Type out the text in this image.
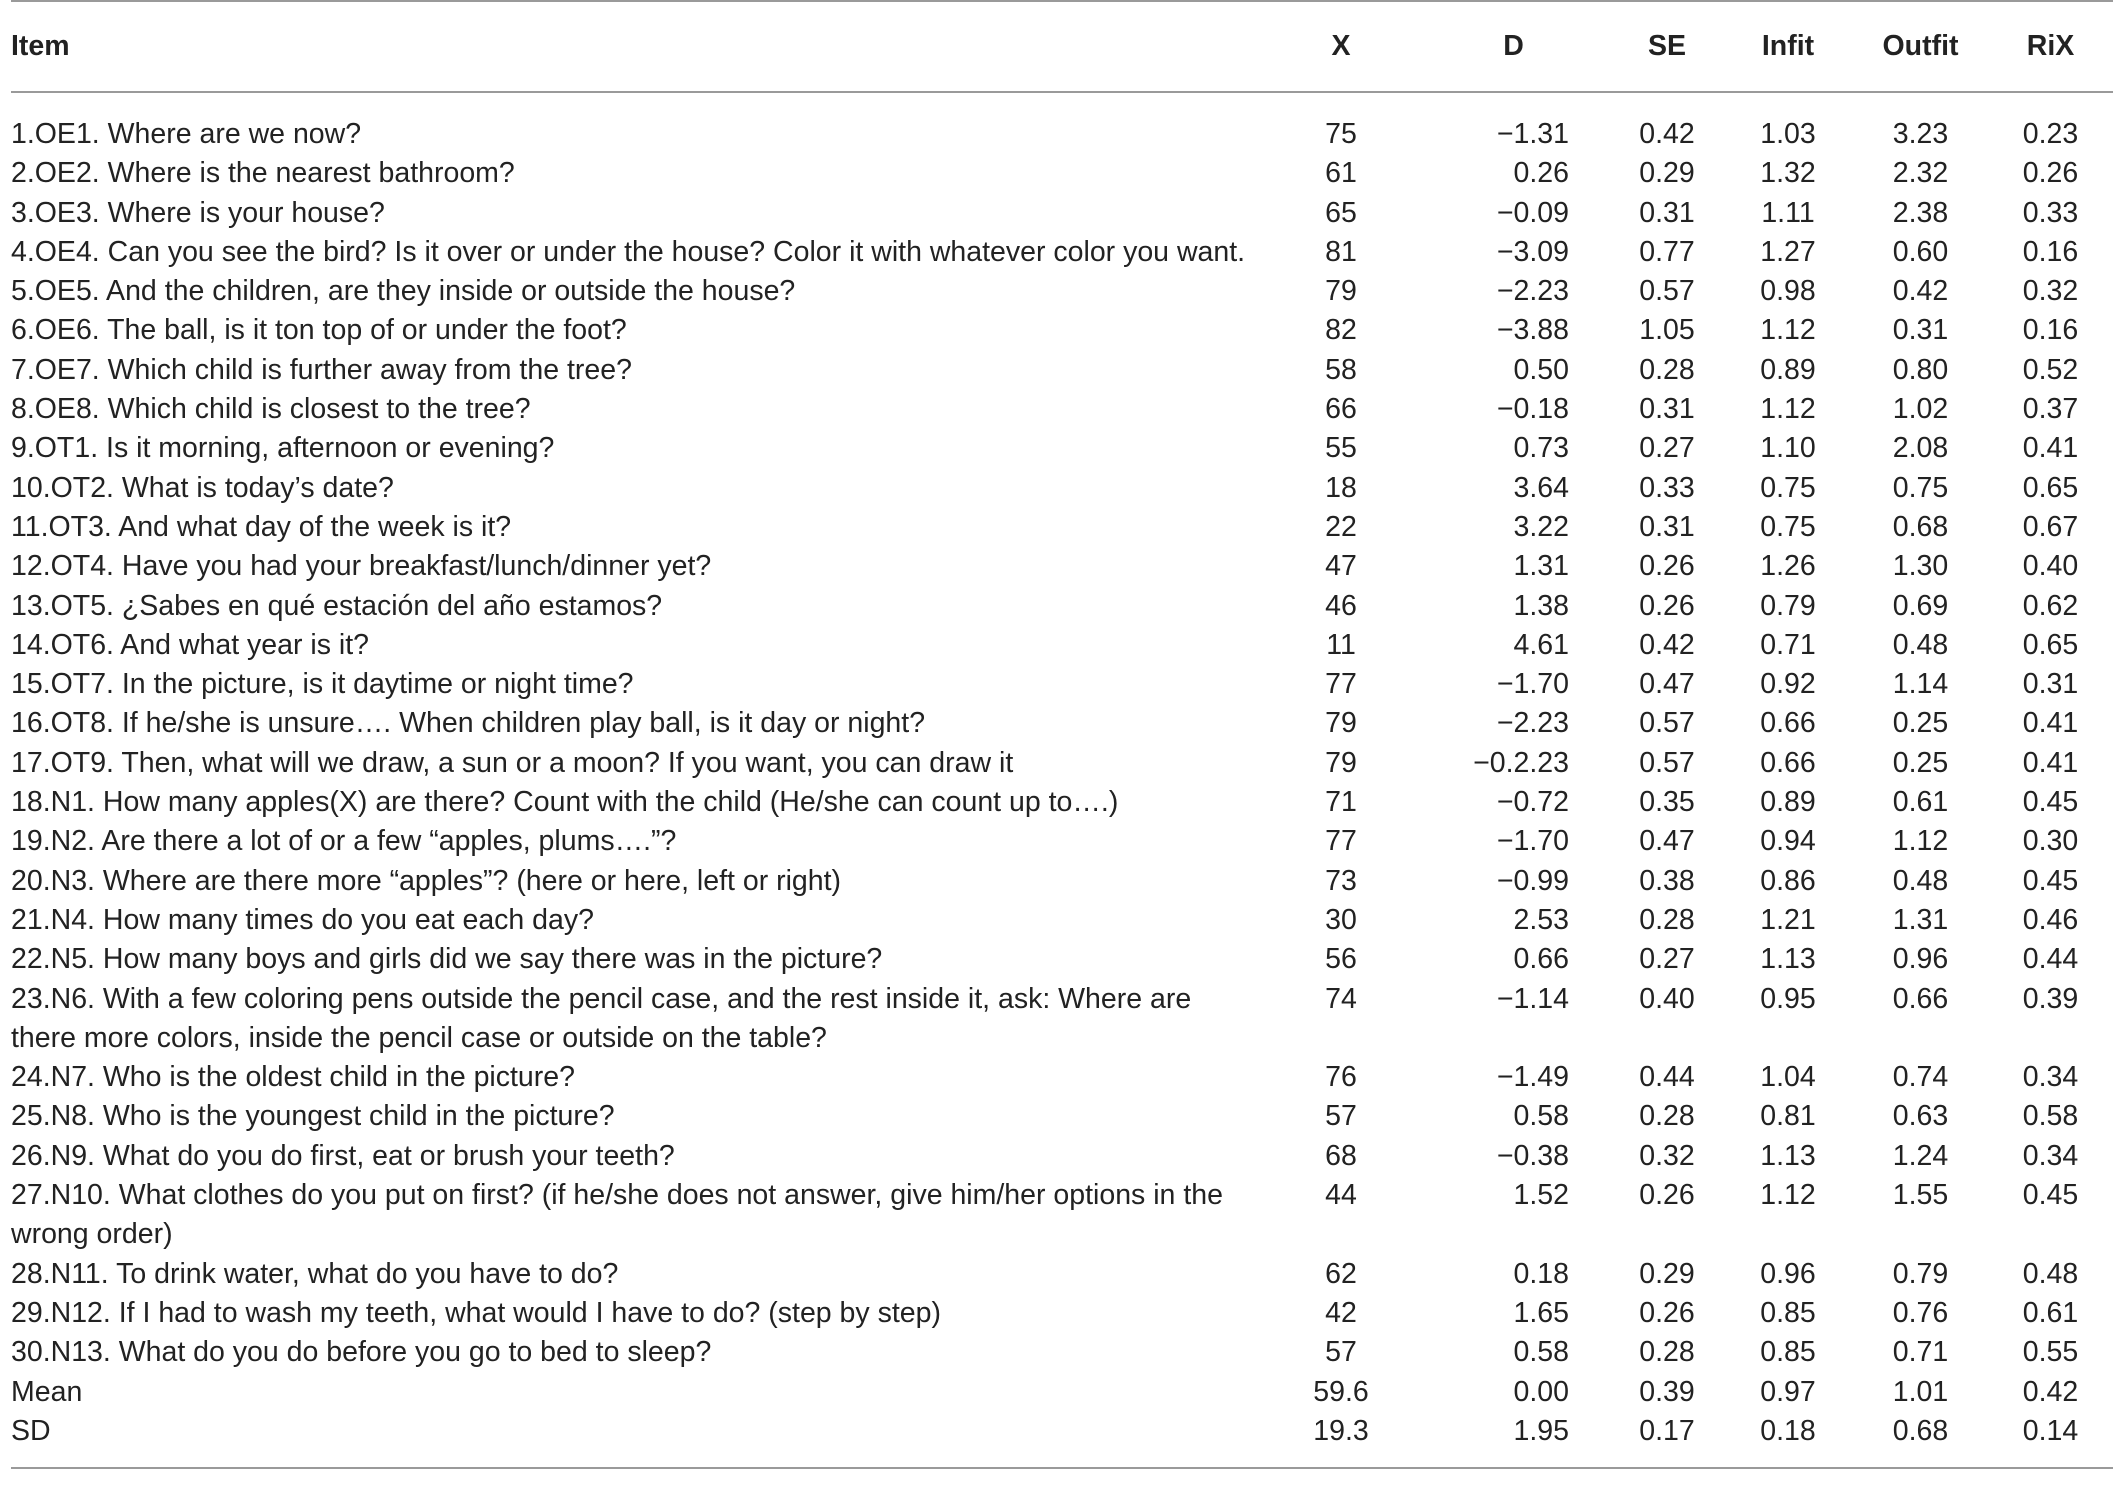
Item	X	D	SE	Infit	Outfit	RiX
1.OE1. Where are we now?	75	−1.31	0.42	1.03	3.23	0.23
2.OE2. Where is the nearest bathroom?	61	0.26	0.29	1.32	2.32	0.26
3.OE3. Where is your house?	65	−0.09	0.31	1.11	2.38	0.33
4.OE4. Can you see the bird? Is it over or under the house? Color it with whatever color you want.	81	−3.09	0.77	1.27	0.60	0.16
5.OE5. And the children, are they inside or outside the house?	79	−2.23	0.57	0.98	0.42	0.32
6.OE6. The ball, is it ton top of or under the foot?	82	−3.88	1.05	1.12	0.31	0.16
7.OE7. Which child is further away from the tree?	58	0.50	0.28	0.89	0.80	0.52
8.OE8. Which child is closest to the tree?	66	−0.18	0.31	1.12	1.02	0.37
9.OT1. Is it morning, afternoon or evening?	55	0.73	0.27	1.10	2.08	0.41
10.OT2. What is today’s date?	18	3.64	0.33	0.75	0.75	0.65
11.OT3. And what day of the week is it?	22	3.22	0.31	0.75	0.68	0.67
12.OT4. Have you had your breakfast/lunch/dinner yet?	47	1.31	0.26	1.26	1.30	0.40
13.OT5. ¿Sabes en qué estación del año estamos?	46	1.38	0.26	0.79	0.69	0.62
14.OT6. And what year is it?	11	4.61	0.42	0.71	0.48	0.65
15.OT7. In the picture, is it daytime or night time?	77	−1.70	0.47	0.92	1.14	0.31
16.OT8. If he/she is unsure…. When children play ball, is it day or night?	79	−2.23	0.57	0.66	0.25	0.41
17.OT9. Then, what will we draw, a sun or a moon? If you want, you can draw it	79	−0.2.23	0.57	0.66	0.25	0.41
18.N1. How many apples(X) are there? Count with the child (He/she can count up to….)	71	−0.72	0.35	0.89	0.61	0.45
19.N2. Are there a lot of or a few “apples, plums….”?	77	−1.70	0.47	0.94	1.12	0.30
20.N3. Where are there more “apples”? (here or here, left or right)	73	−0.99	0.38	0.86	0.48	0.45
21.N4. How many times do you eat each day?	30	2.53	0.28	1.21	1.31	0.46
22.N5. How many boys and girls did we say there was in the picture?	56	0.66	0.27	1.13	0.96	0.44
23.N6. With a few coloring pens outside the pencil case, and the rest inside it, ask: Where are there more colors, inside the pencil case or outside on the table?	74	−1.14	0.40	0.95	0.66	0.39
24.N7. Who is the oldest child in the picture?	76	−1.49	0.44	1.04	0.74	0.34
25.N8. Who is the youngest child in the picture?	57	0.58	0.28	0.81	0.63	0.58
26.N9. What do you do first, eat or brush your teeth?	68	−0.38	0.32	1.13	1.24	0.34
27.N10. What clothes do you put on first? (if he/she does not answer, give him/her options in the wrong order)	44	1.52	0.26	1.12	1.55	0.45
28.N11. To drink water, what do you have to do?	62	0.18	0.29	0.96	0.79	0.48
29.N12. If I had to wash my teeth, what would I have to do? (step by step)	42	1.65	0.26	0.85	0.76	0.61
30.N13. What do you do before you go to bed to sleep?	57	0.58	0.28	0.85	0.71	0.55
Mean	59.6	0.00	0.39	0.97	1.01	0.42
SD	19.3	1.95	0.17	0.18	0.68	0.14
